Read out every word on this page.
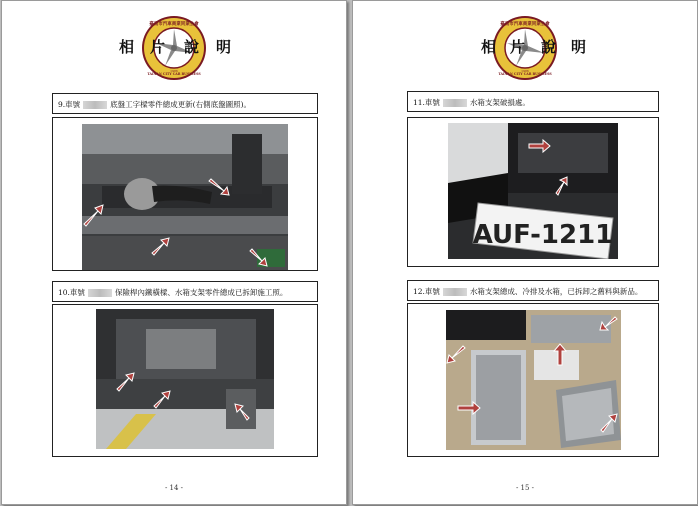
臺南市汽車商業同業公會
TAINAN CITY CAR BUSINESS
1986
相 片 說 明
9.車號	底盤工字樑零件總成更新(右側底盤圖照)。
10.車號	保險桿內鐵橫樑、水箱支架零件總成已拆卸施工照。
- 14 -
臺南市汽車商業同業公會
TAINAN CITY CAR BUSINESS
1986
相 片 說 明
11.車號	水箱支架破損處。
AUF-1211
12.車號	水箱支架總成、冷排及水箱，已拆卸之舊料與新品。
- 15 -
